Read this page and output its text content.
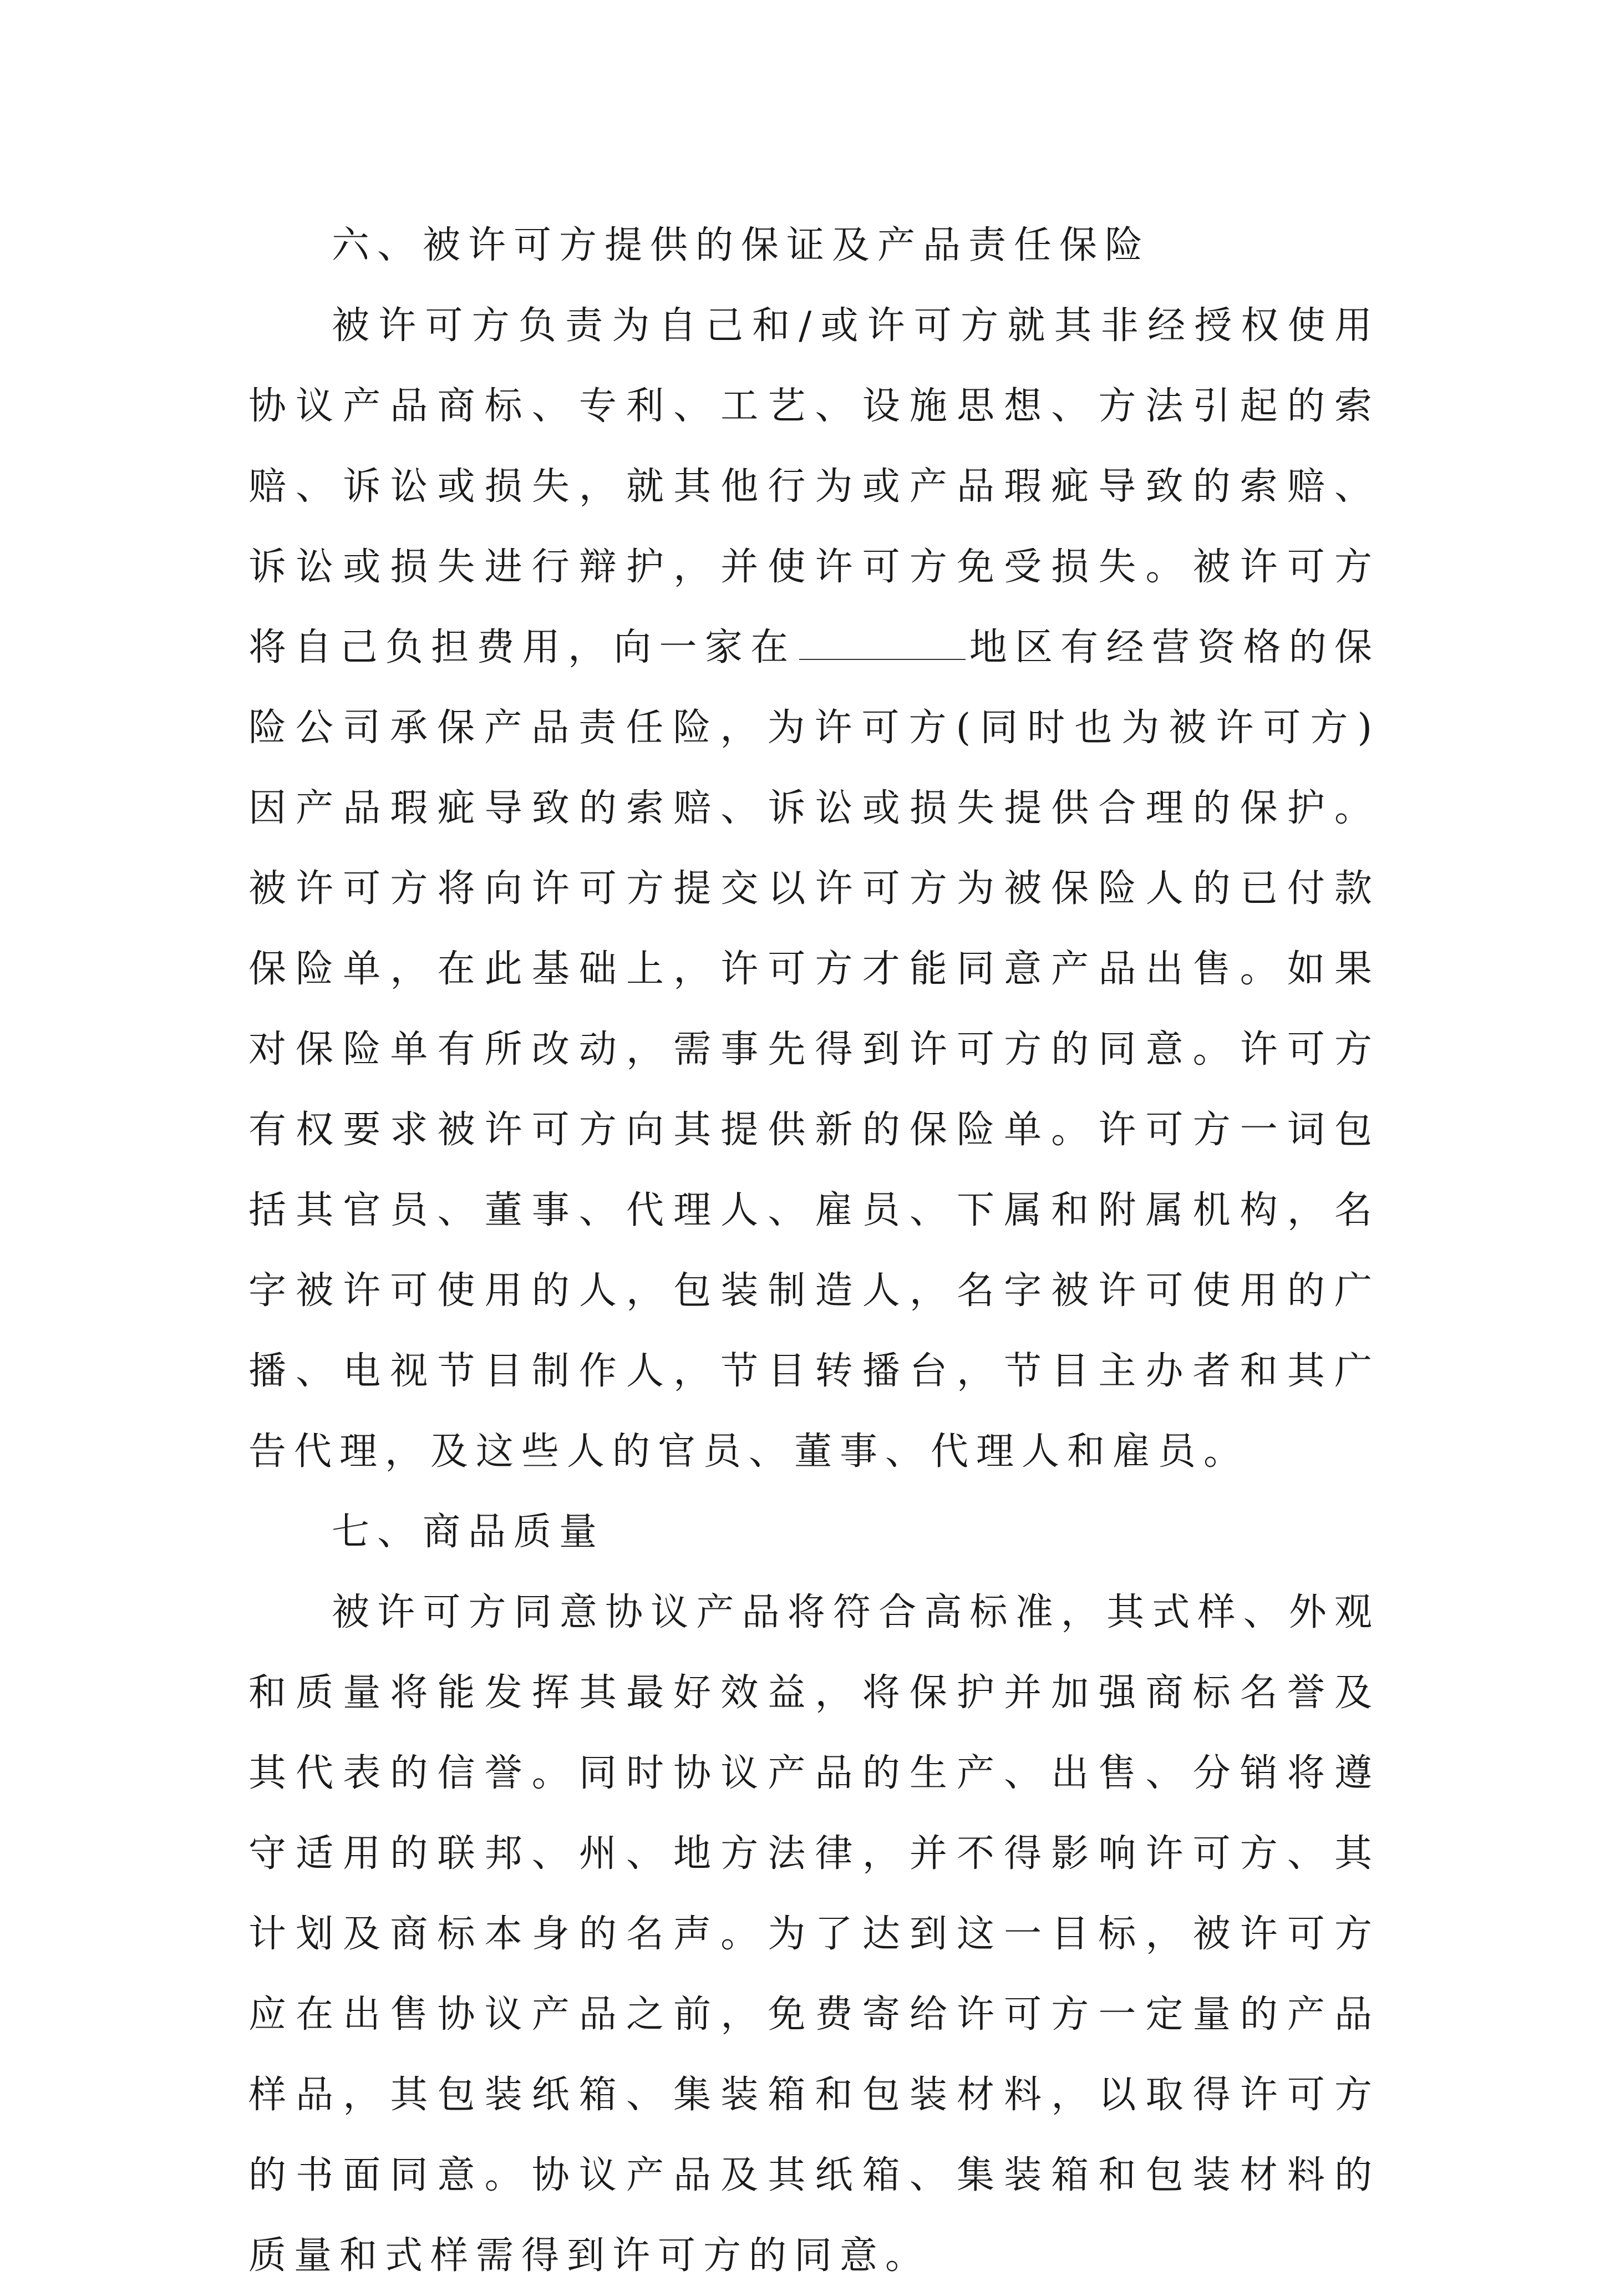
六、被许可方提供的保证及产品责任保险

被许可方负责为自己和/或许可方就其非经授权使用协议产品商标、专利、工艺、设施思想、方法引起的索赔、诉讼或损失，就其他行为或产品瑕疵导致的索赔、诉讼或损失进行辩护，并使许可方免受损失。被许可方将自己负担费用，向一家在	地区有经营资格的保险公司承保产品责任险，为许可方(同时也为被许可方)因产品瑕疵导致的索赔、诉讼或损失提供合理的保护。被许可方将向许可方提交以许可方为被保险人的已付款保险单，在此基础上，许可方才能同意产品出售。如果对保险单有所改动，需事先得到许可方的同意。许可方有权要求被许可方向其提供新的保险单。许可方一词包括其官员、董事、代理人、雇员、下属和附属机构，名字被许可使用的人，包装制造人，名字被许可使用的广播、电视节目制作人，节目转播台，节目主办者和其广告代理，及这些人的官员、董事、代理人和雇员。

七、商品质量

被许可方同意协议产品将符合高标准，其式样、外观和质量将能发挥其最好效益，将保护并加强商标名誉及其代表的信誉。同时协议产品的生产、出售、分销将遵守适用的联邦、州、地方法律，并不得影响许可方、其计划及商标本身的名声。为了达到这一目标，被许可方应在出售协议产品之前，免费寄给许可方一定量的产品样品，其包装纸箱、集装箱和包装材料，以取得许可方的书面同意。协议产品及其纸箱、集装箱和包装材料的质量和式样需得到许可方的同意。
